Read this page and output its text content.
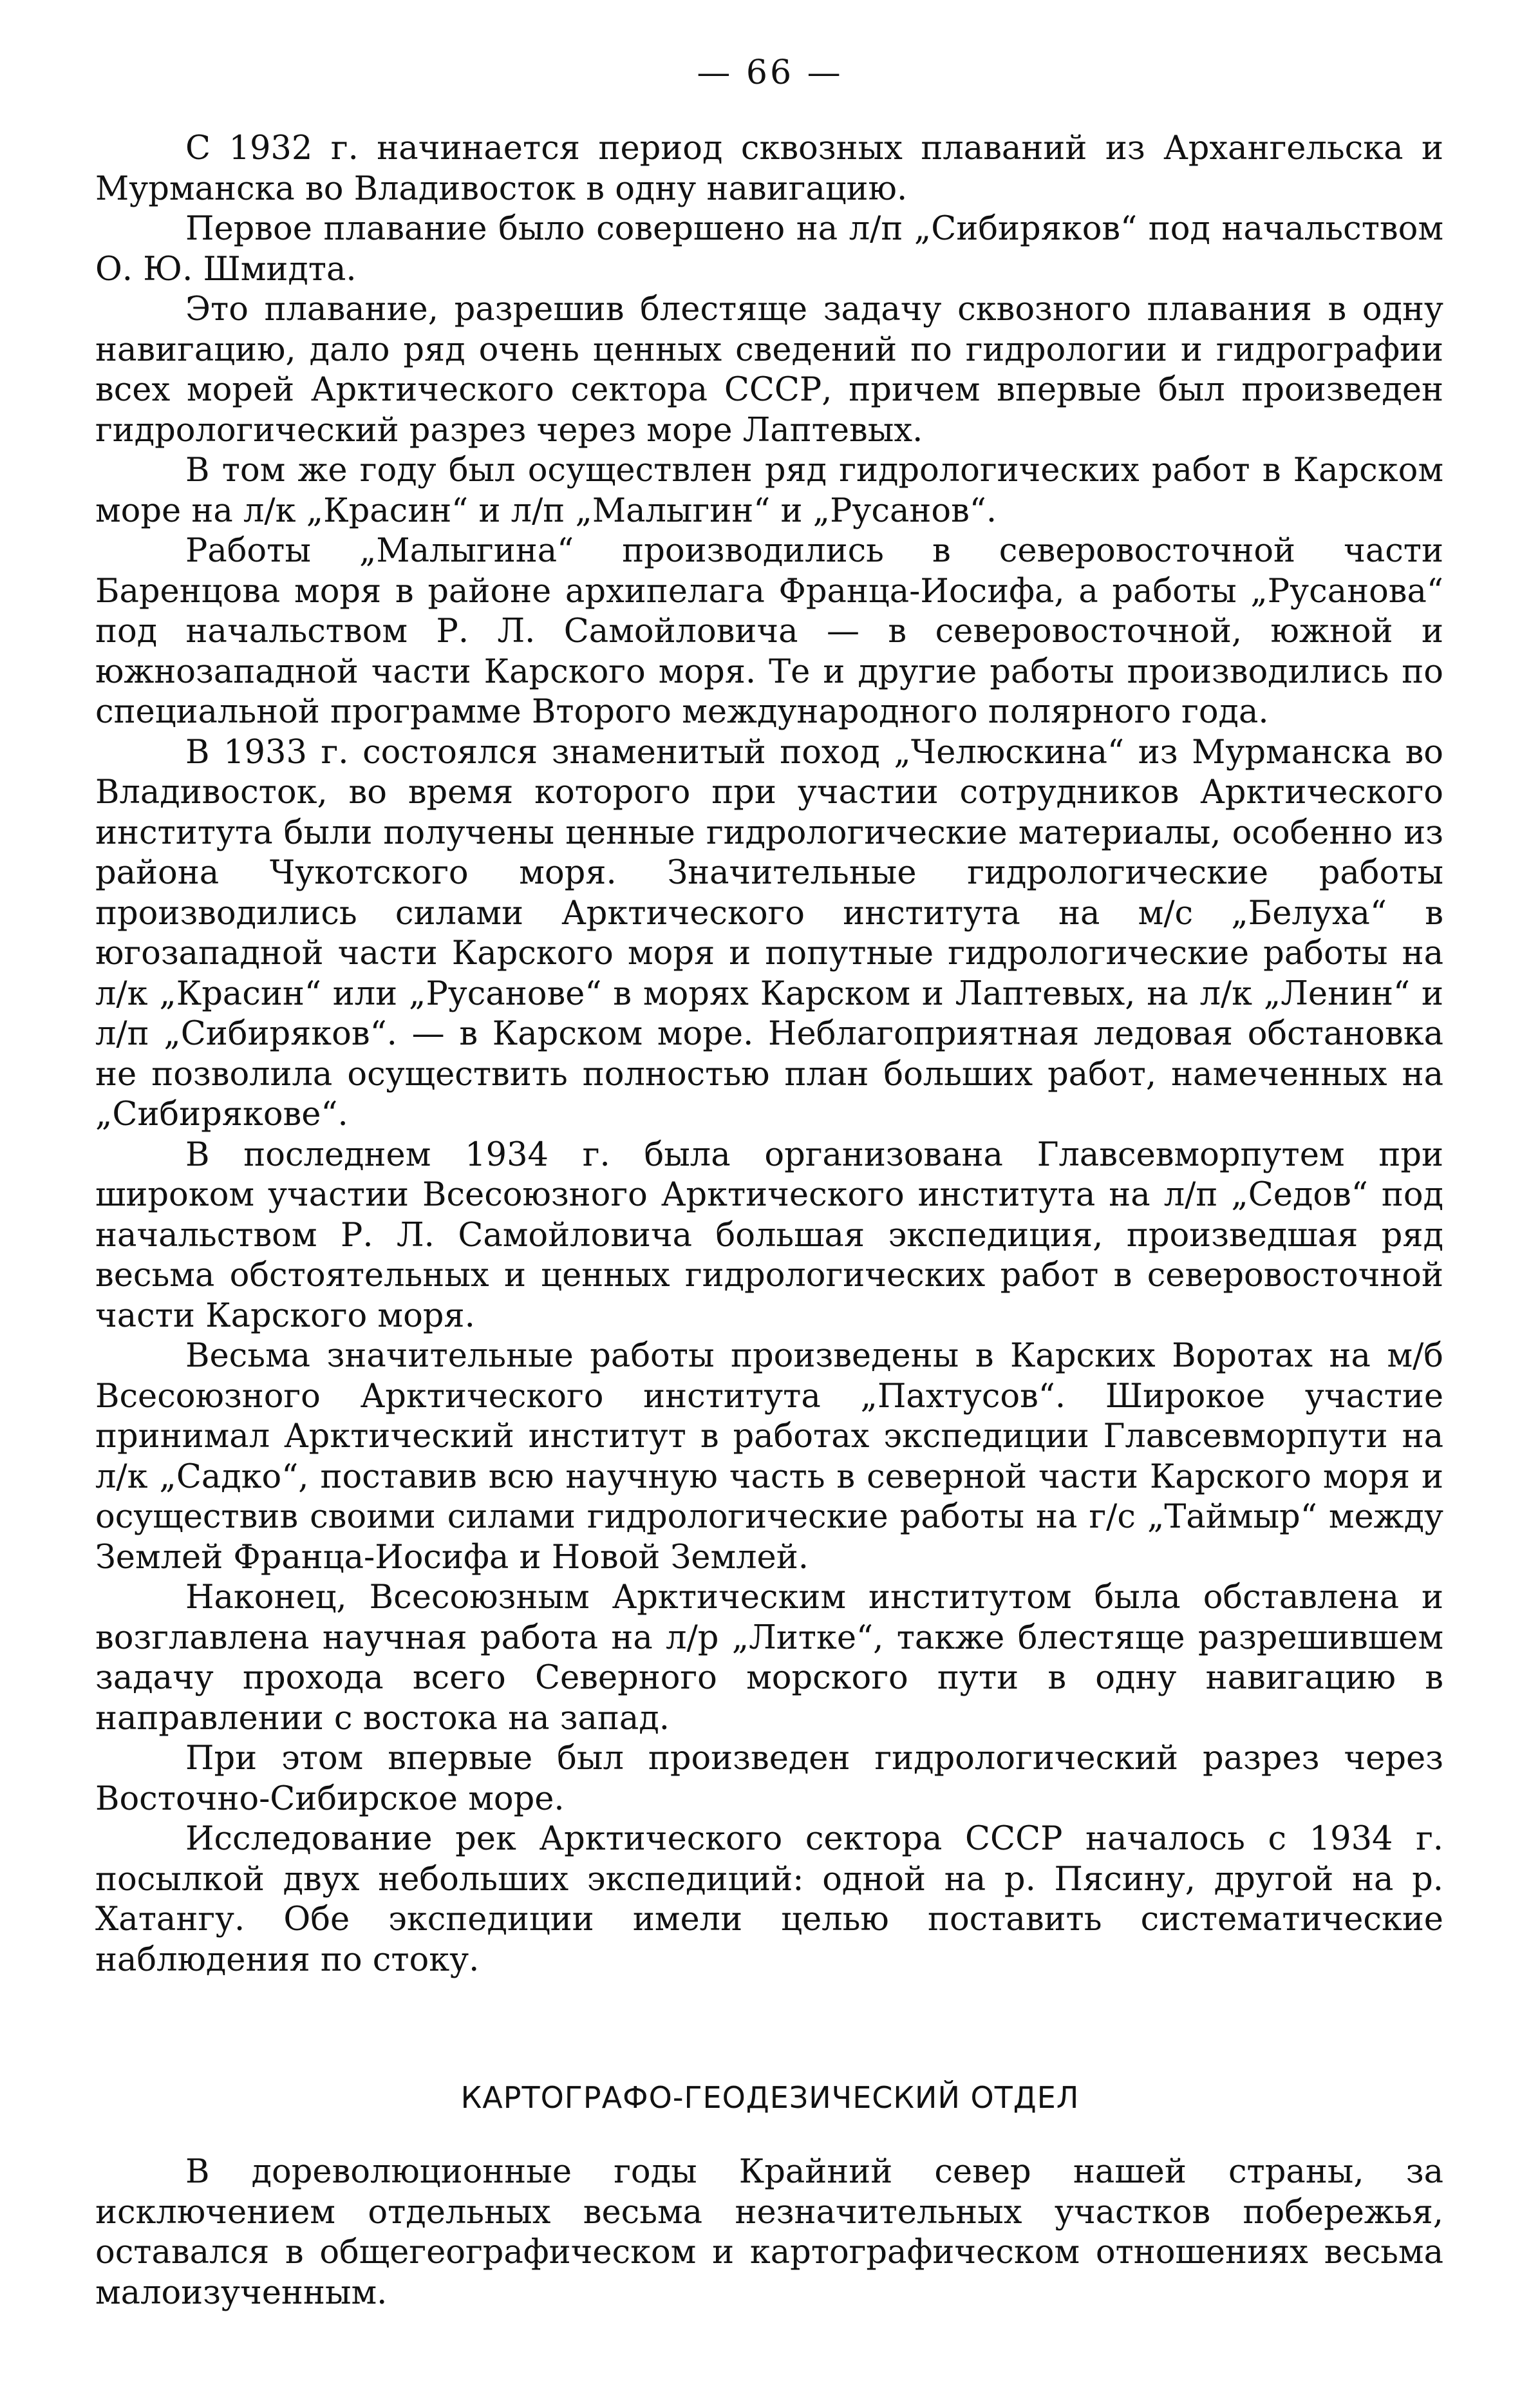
— 66 —

С 1932 г. начинается период сквозных плаваний из Архангельска и Мурманска во Владивосток в одну навигацию.

Первое плавание было совершено на л/п „Сибиряков“ под начальством О. Ю. Шмидта.

Это плавание, разрешив блестяще задачу сквозного плавания в одну навигацию, дало ряд очень ценных сведений по гидрологии и гидрографии всех морей Арктического сектора СССР, причем впервые был произведен гидрологический разрез через море Лаптевых.

В том же году был осуществлен ряд гидрологических работ в Карском море на л/к „Красин“ и л/п „Малыгин“ и „Русанов“.

Работы „Малыгина“ производились в северовосточной части Баренцова моря в районе архипелага Франца-Иосифа, а работы „Русанова“ под начальством Р. Л. Самойловича — в северовосточной, южной и южнозападной части Карского моря. Те и другие работы производились по специальной программе Второго международного полярного года.

В 1933 г. состоялся знаменитый поход „Челюскина“ из Мурманска во Владивосток, во время которого при участии сотрудников Арктического института были получены ценные гидрологические материалы, особенно из района Чукотского моря. Значительные гидрологические работы производились силами Арктического института на м/с „Белуха“ в югозападной части Карского моря и попутные гидрологические работы на л/к „Красин“ или „Русанове“ в морях Карском и Лаптевых, на л/к „Ленин“ и л/п „Сибиряков“. — в Карском море. Неблагоприятная ледовая обстановка не позволила осуществить полностью план больших работ, намеченных на „Сибирякове“.

В последнем 1934 г. была организована Главсевморпутем при широком участии Всесоюзного Арктического института на л/п „Седов“ под начальством Р. Л. Самойловича большая экспедиция, произведшая ряд весьма обстоятельных и ценных гидрологических работ в северовосточной части Карского моря.

Весьма значительные работы произведены в Карских Воротах на м/б Всесоюзного Арктического института „Пахтусов“. Широкое участие принимал Арктический институт в работах экспедиции Главсевморпути на л/к „Садко“, поставив всю научную часть в северной части Карского моря и осуществив своими силами гидрологические работы на г/с „Таймыр“ между Землей Франца-Иосифа и Новой Землей.

Наконец, Всесоюзным Арктическим институтом была обставлена и возглавлена научная работа на л/р „Литке“, также блестяще разрешившем задачу прохода всего Северного морского пути в одну навигацию в направлении с востока на запад.

При этом впервые был произведен гидрологический разрез через Восточно-Сибирское море.

Исследование рек Арктического сектора СССР началось с 1934 г. посылкой двух небольших экспедиций: одной на р. Пясину, другой на р. Хатангу. Обе экспедиции имели целью поставить систематические наблюдения по стоку.

КАРТОГРАФО-ГЕОДЕЗИЧЕСКИЙ ОТДЕЛ

В дореволюционные годы Крайний север нашей страны, за исключением отдельных весьма незначительных участков побережья, оставался в общегеографическом и картографическом отношениях весьма малоизученным.
